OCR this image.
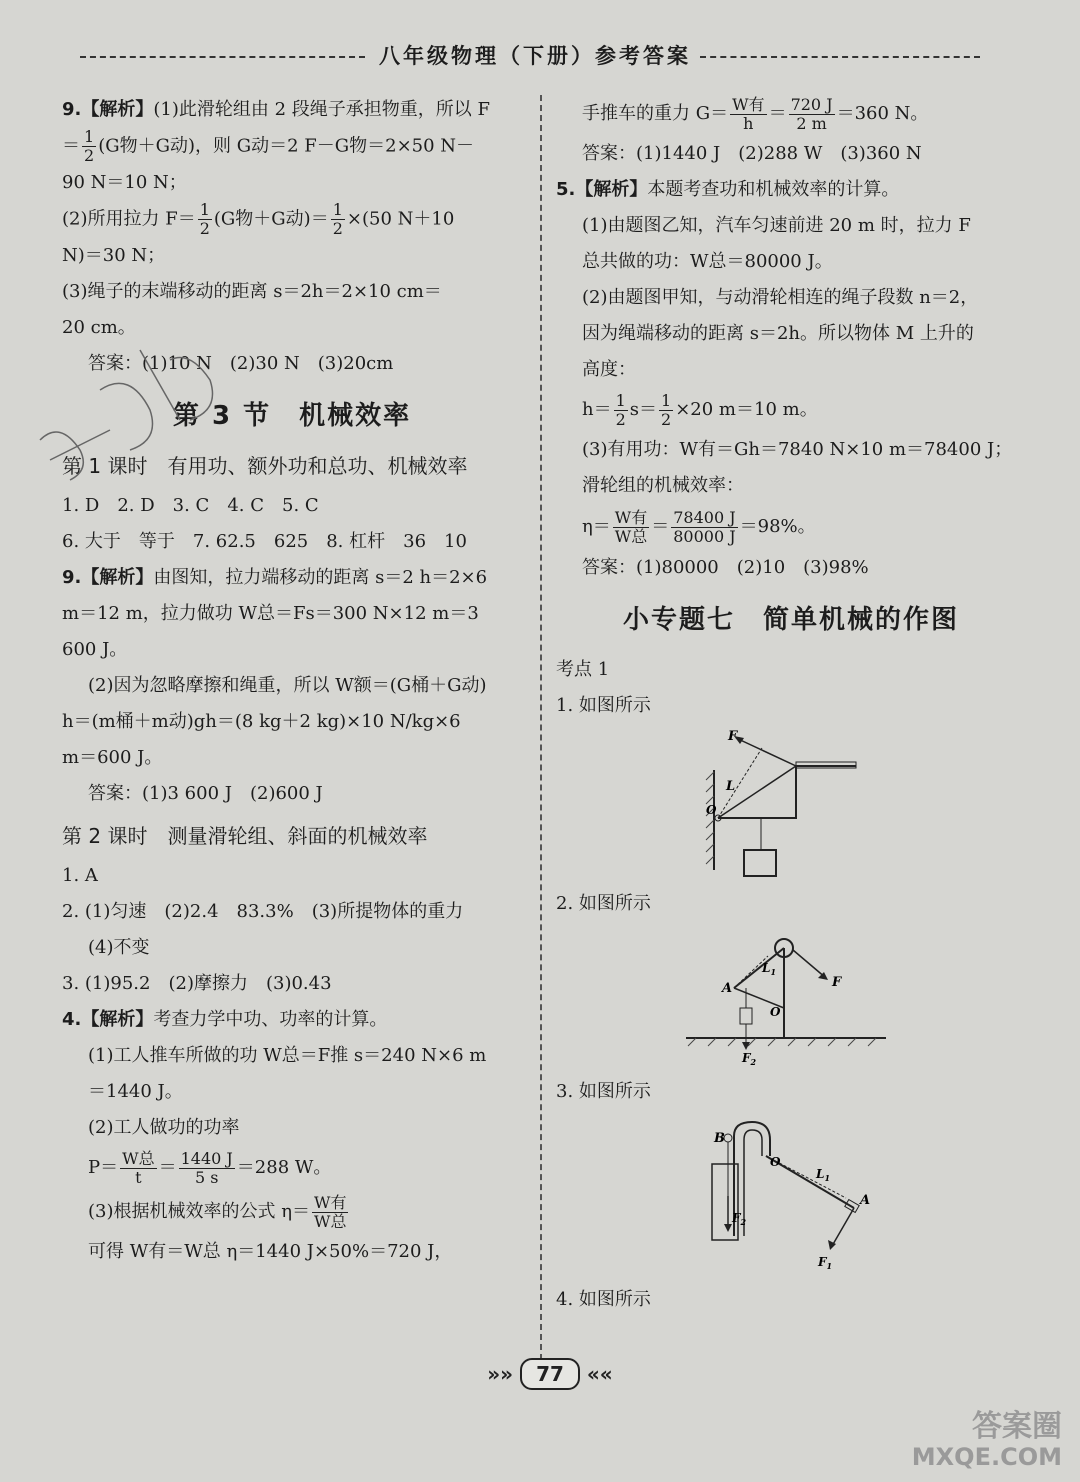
八年级物理（下册）参考答案
9.【解析】(1)此滑轮组由 2 段绳子承担物重，所以 F
＝ $\frac{1}{2} (G$物＋G动)，则 G动＝2 F－G物＝2×50 N－
90 N＝10 N；
(2)所用拉力 $F= \frac{1}{2} (G$物＋G动)＝ $\frac{1}{2} \times(50$ N＋10
N)＝30 N；
(3)绳子的末端移动的距离 s＝2h＝2×10 cm＝
20 cm。
答案：(1)10 N　(2)30 N　(3)20cm
第 3 节　机械效率
第 1 课时　有用功、额外功和总功、机械效率
1. D　2. D　3. C　4. C　5. C
6. 大于　等于　7. 62.5　625　8. 杠杆　36　10
9.【解析】由图知，拉力端移动的距离 s＝2 h＝2×6
m＝12 m，拉力做功 W总＝Fs＝300 N×12 m＝3
600 J。
(2)因为忽略摩擦和绳重，所以 W额＝(G桶＋G动)
h＝(m桶＋m动)gh＝(8 kg＋2 kg)×10 N/kg×6
m＝600 J。
答案：(1)3 600 J　(2)600 J
第 2 课时　测量滑轮组、斜面的机械效率
1. A
2. (1)匀速　(2)2.4　83.3%　(3)所提物体的重力
(4)不变
3. (1)95.2　(2)摩擦力　(3)0.43
4.【解析】考查力学中功、功率的计算。
(1)工人推车所做的功 W总＝F推 s＝240 N×6 m
＝1440 J。
(2)工人做功的功率
$P= \frac{\text{W总}}{t} = \frac{1440 J}{5 s} =288$ W。
(3)根据机械效率的公式 $\eta= \frac{\text{W有}}{\text{W总}}$
可得 W有＝W总 η＝1440 J×50%＝720 J，
手推车的重力 $G= \frac{\text{W有}}{h} = \frac{720 J}{2 m} =360$ N。
答案：(1)1440 J　(2)288 W　(3)360 N
5.【解析】本题考查功和机械效率的计算。
(1)由题图乙知，汽车匀速前进 20 m 时，拉力 F
总共做的功：W总＝80000 J。
(2)由题图甲知，与动滑轮相连的绳子段数 n＝2，
因为绳端移动的距离 s＝2h。所以物体 M 上升的
高度：
$h= \frac{1}{2} s= \frac{1}{2} \times 20$ m＝10 m。
(3)有用功：W有＝Gh＝7840 N×10 m＝78400 J；
滑轮组的机械效率：
$\eta= \frac{\text{W有}}{\text{W总}} = \frac{78400 J}{80000 J} =98\%$。
答案：(1)80000　(2)10　(3)98%
小专题七　简单机械的作图
考点 1
1. 如图所示
F
L
O
2. 如图所示
A
$L_1$
F
O
$F_2$
3. 如图所示
B
O
$L_1$
A
$F_2$
$F_1$
4. 如图所示
»» 77 ««
答案圈
MXQE.COM
